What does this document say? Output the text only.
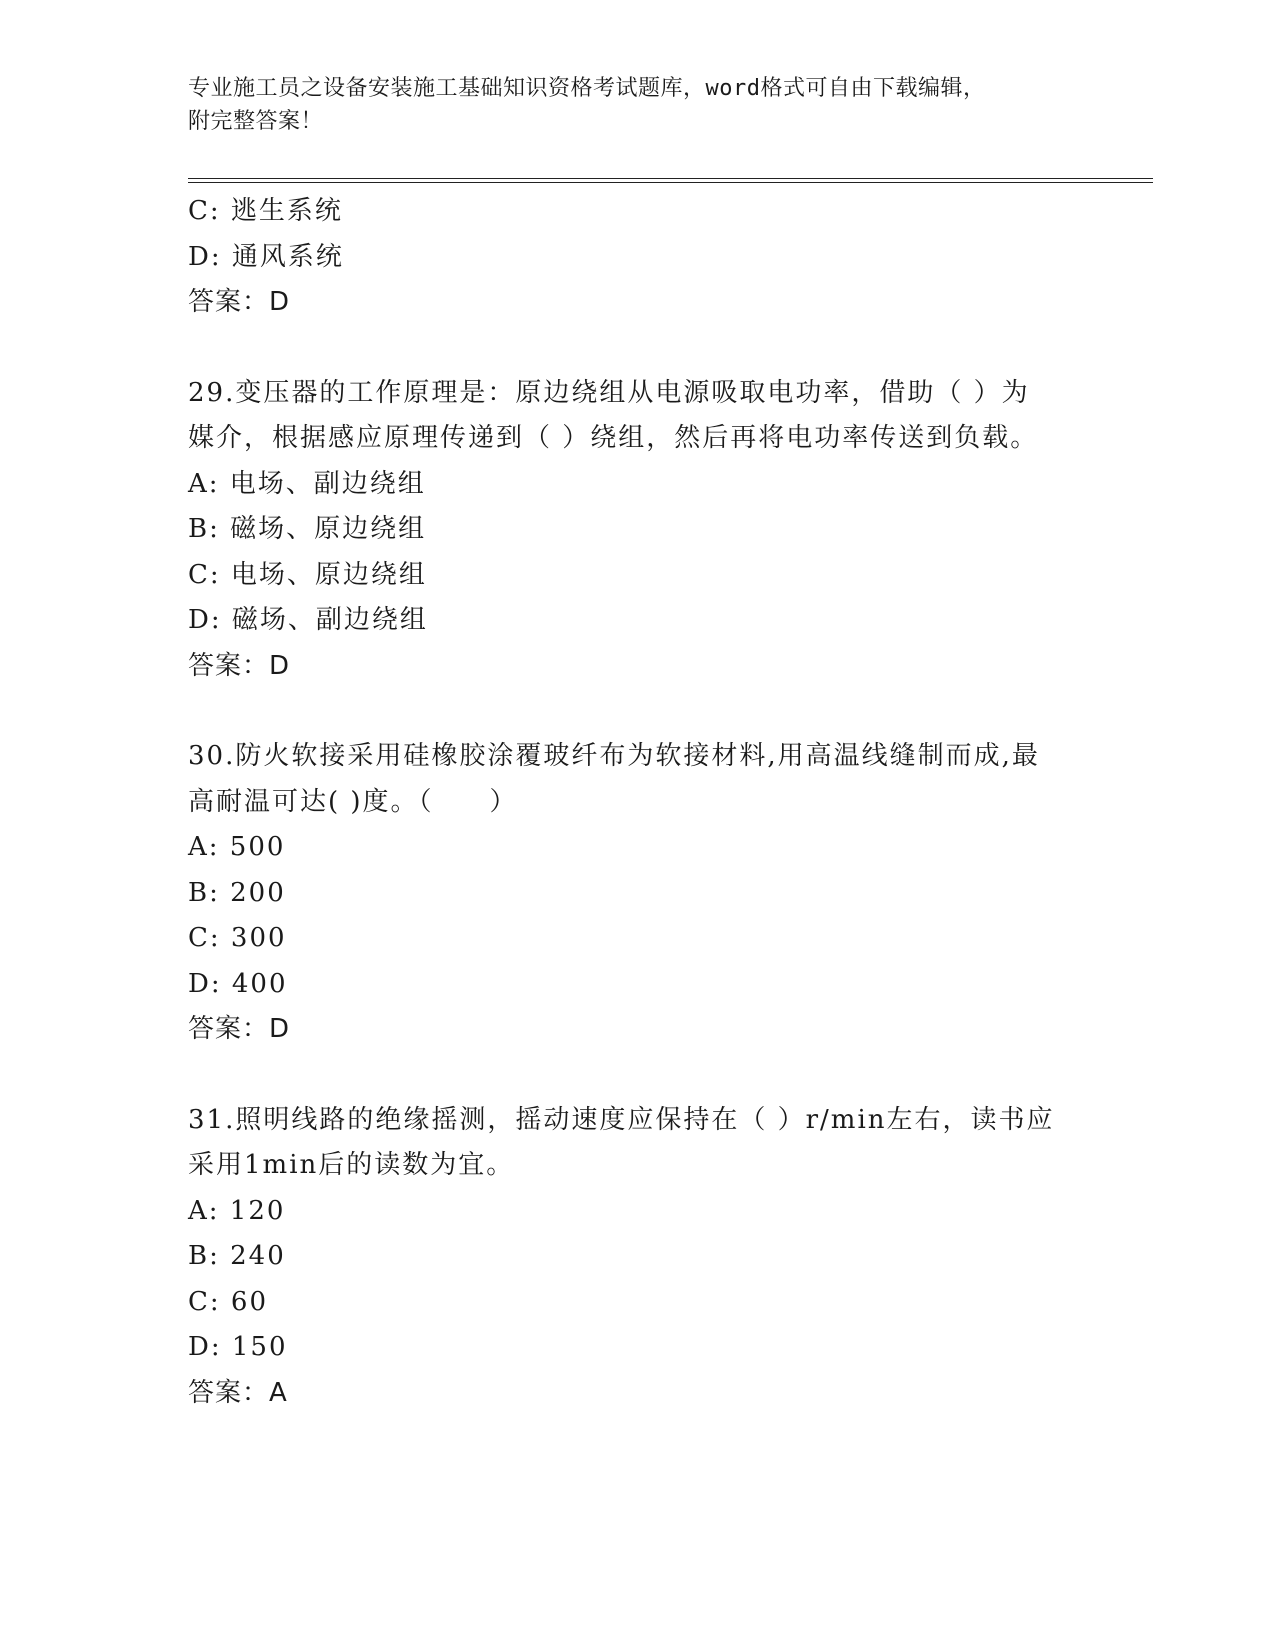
专业施工员之设备安装施工基础知识资格考试题库，word格式可自由下载编辑，
附完整答案！
C: 逃生系统
D: 通风系统
答案：D
29.变压器的工作原理是：原边绕组从电源吸取电功率，借助（ ）为
媒介，根据感应原理传递到（ ）绕组，然后再将电功率传送到负载。
A: 电场、副边绕组
B: 磁场、原边绕组
C: 电场、原边绕组
D: 磁场、副边绕组
答案：D
30.防火软接采用硅橡胶涂覆玻纤布为软接材料,用高温线缝制而成,最
高耐温可达( )度。（　　）
A: 500
B: 200
C: 300
D: 400
答案：D
31.照明线路的绝缘摇测，摇动速度应保持在（ ）r/min左右，读书应
采用1min后的读数为宜。
A: 120
B: 240
C: 60
D: 150
答案：A
